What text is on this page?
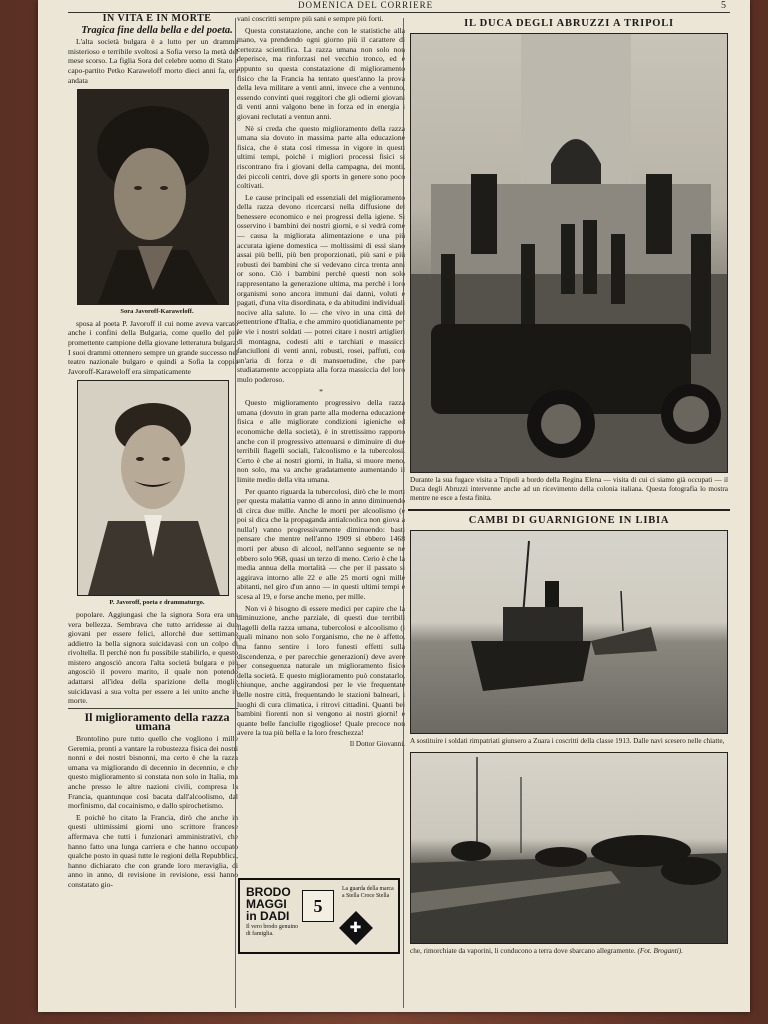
DOMENICA DEL CORRIERE	5

IN VITA E IN MORTE

Tragica fine della bella e del poeta.

L'alta società bulgara è a lutto per un dramma misterioso e terribile svoltosi a Sofia verso la metà del mese scorso. La figlia Sora del celebre uomo di Stato e capo-partito Petko Karaweloff morto dieci anni fa, era andata

Sora Javoroff-Karaweloff.

sposa al poeta P. Javoroff il cui nome aveva varcato anche i confini della Bulgaria, come quello del più promettente campione della giovane letteratura bulgara. I suoi drammi ottennero sempre un grande successo nel teatro nazionale bulgaro e quindi a Sofia la coppia Javoroff-Karaweloff era simpaticamente

P. Javoroff, poeta e drammaturgo.

popolare. Aggiungasi che la signora Sora era una vera bellezza. Sembrava che tutto arridesse ai due giovani per essere felici, allorchè due settimane addietro la bella signora suicidavasi con un colpo di rivoltella. Il perchè non fu possibile stabilirlo, e questo mistero angosciò ancora l'alta società bulgara e più angosciò il povero marito, il quale non potendo adattarsi all'idea della sparizione della moglie suicidavasi a sua volta per essere a lei unito anche in morte.

Il miglioramento della razza umana

Brontolino pure tutto quello che vogliono i mille Geremia, pronti a vantare la robustezza fisica dei nostri nonni e dei nostri bisnonni, ma certo è che la razza umana va migliorando di decennio in decennio, e che questo miglioramento si constata non solo in Italia, ma anche presso le altre nazioni civili, compresa la Francia, quantunque così bacata dall'alcoolismo, dal morfinismo, dal cocainismo, e dallo spirochetismo.

E poichè ho citato la Francia, dirò che anche in questi ultimissimi giorni uno scrittore francese affermava che tutti i funzionari amministrativi, che hanno fatto una lunga carriera e che hanno occupato qualche posto in quasi tutte le regioni della Repubblica, hanno dichiarato che con grande loro meraviglia, di anno in anno, di revisione in revisione, essi hanno constatato gio-

vani coscritti sempre più sani e sempre più forti.

Questa constatazione, anche con le statistiche alla mano, va prendendo ogni giorno più il carattere di certezza scientifica. La razza umana non solo non deperisce, ma rinforzasi nel vecchio tronco, ed è appunto su questa constatazione di miglioramento fisico che la Francia ha tentato quest'anno la prova della leva militare a venti anni, invece che a ventuno, essendo convinti quei reggitori che gli odierni giovani di venti anni valgono bene in forza ed in energia i giovani reclutati a ventun anni.

Nè si creda che questo miglioramento della razza umana sia dovuto in massima parte alla educazione fisica, che è stata così rimessa in vigore in questi ultimi tempi, poichè i migliori processi fisici si riscontrano fra i giovani della campagna, dei monti, dei piccoli centri, dove gli sports in genere sono poco coltivati.

Le cause principali ed essenziali del miglioramento della razza devono ricercarsi nella diffusione del benessere economico e nei progressi della igiene. Si osservino i bambini dei nostri giorni, e si vedrà come — causa la migliorata alimentazione e una più accurata igiene domestica — moltissimi di essi siano assai più belli, più ben proporzionati, più sani e più robusti dei bambini che si vedevano circa trenta anni or sono. Ciò i bambini perchè questi non solo rappresentano la generazione ultima, ma perchè i loro organismi sono ancora immuni dai danni, voluti e pagati, d'una vita disordinata, e da abitudini individuali nocive alla salute. Io — che vivo in una città del settentrione d'Italia, e che ammiro quotidianamente per le vie i nostri soldati — potrei citare i nostri artiglieri di montagna, codesti alti e tarchiati e massicci fanciulloni di venti anni, robusti, rosei, paffuti, con un'aria di forza e di mansuetudine, che pare studiatamente accoppiata alla forza massiccia del loro mulo poderoso.

*

Questo miglioramento progressivo della razza umana (dovuto in gran parte alla moderna educazione fisica e alle migliorate condizioni igieniche ed economiche della società), è in strettissimo rapporto anche con il progressivo attenuarsi e diminuire di due terribili flagelli sociali, l'alcoolismo e la tubercolosi. Certo è che ai nostri giorni, in Italia, si muore meno, non solo, ma va anche gradatamente aumentando il limite medio della vita umana.

Per quanto riguarda la tubercolosi, dirò che le morti per questa malattia vanno di anno in anno diminuendo di circa due mille. Anche le morti per alcoolismo (e poi si dica che la propaganda antialcoolica non giova a nulla!) vanno progressivamente diminuendo: basti pensare che mentre nell'anno 1909 si ebbero 1468 morti per abuso di alcool, nell'anno seguente se ne ebbero solo 968, quasi un terzo di meno. Cerio è che la media annua della mortalità — che per il passato si aggirava intorno alle 22 e alle 25 morti ogni mille abitanti, nel giro d'un anno — in questi ultimi tempi è scesa al 19, e forse anche meno, per mille.

Non vi è bisogno di essere medici per capire che la diminuzione, anche parziale, di questi due terribili flagelli della razza umana, tubercolosi e alcoolismo (i quali minano non solo l'organismo, che ne è affetto, ma fanno sentire i loro funesti effetti sulla discendenza, e per parecchie generazioni) deve avere per conseguenza naturale un miglioramento fisico della società. E questo miglioramento può constatarlo, chiunque, anche aggirandosi per le vie frequentate delle nostre città, frequentando le stazioni balneari, i luoghi di cura climatica, i ritrovi cittadini. Quanti bei bambini fiorenti non si vengono ai nostri giorni! e quante belle fanciulle rigogliose! Quale precoce non avere la tua più bella e la loro freschezza!

Il Dottor Giovanni.

BRODO MAGGI in DADI
Il vero brodo genuino di famiglia.
5
La guarda della marca a Stella Croce Stella
✚
IL DUCA DEGLI ABRUZZI A TRIPOLI

Durante la sua fugace visita a Tripoli a bordo della Regina Elena — visita di cui ci siamo già occupati — il Duca degli Abruzzi intervenne anche ad un ricevimento della colonia italiana. Questa fotografia lo mostra mentre ne esce a festa finita.

CAMBI DI GUARNIGIONE IN LIBIA

A sostituire i soldati rimpatriati giunsero a Zuara i coscritti della classe 1913. Dalle navi scesero nelle chiatte,

che, rimorchiate da vaporini, li conducono a terra dove sbarcano allegramente. (Fot. Broganti).
